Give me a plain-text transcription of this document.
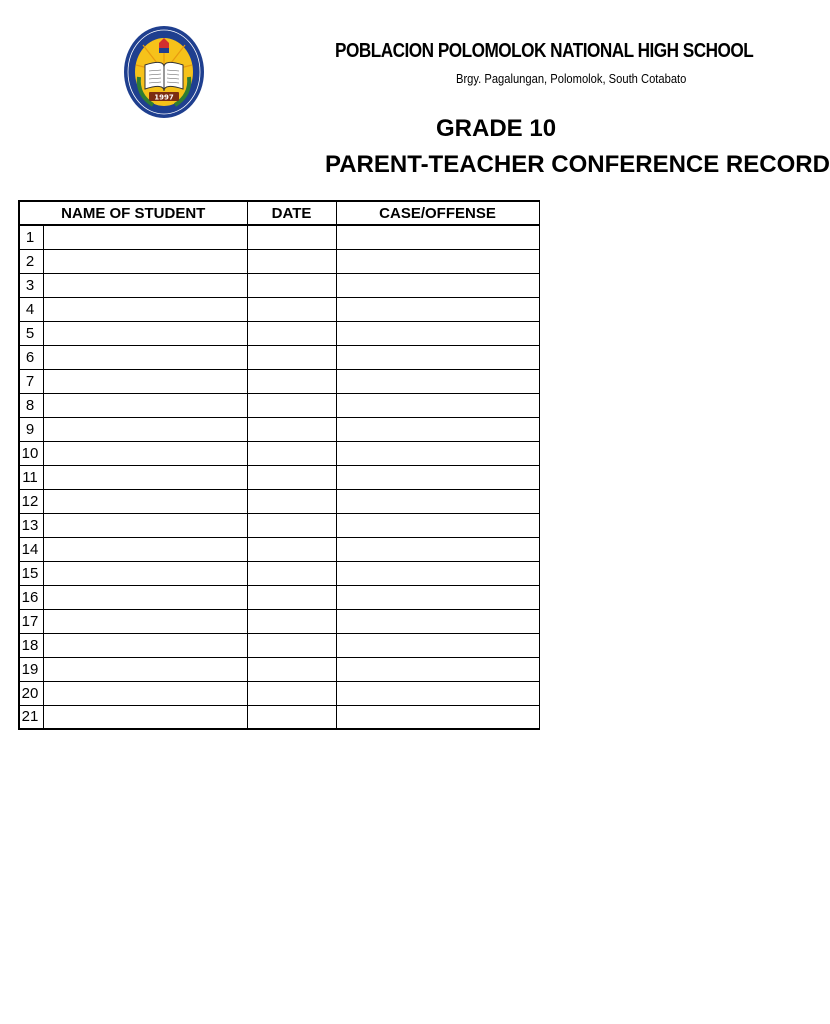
1997
POBLACION POLOMOLOK NATIONAL HIGH SCHOOL
Brgy. Pagalungan, Polomolok, South Cotabato
GRADE 10
PARENT-TEACHER CONFERENCE RECORD
NAME OF STUDENT		DATE	CASE/OFFENSE
1			
2			
3			
4			
5			
6			
7			
8			
9			
10			
11			
12			
13			
14			
15			
16			
17			
18			
19			
20			
21			
